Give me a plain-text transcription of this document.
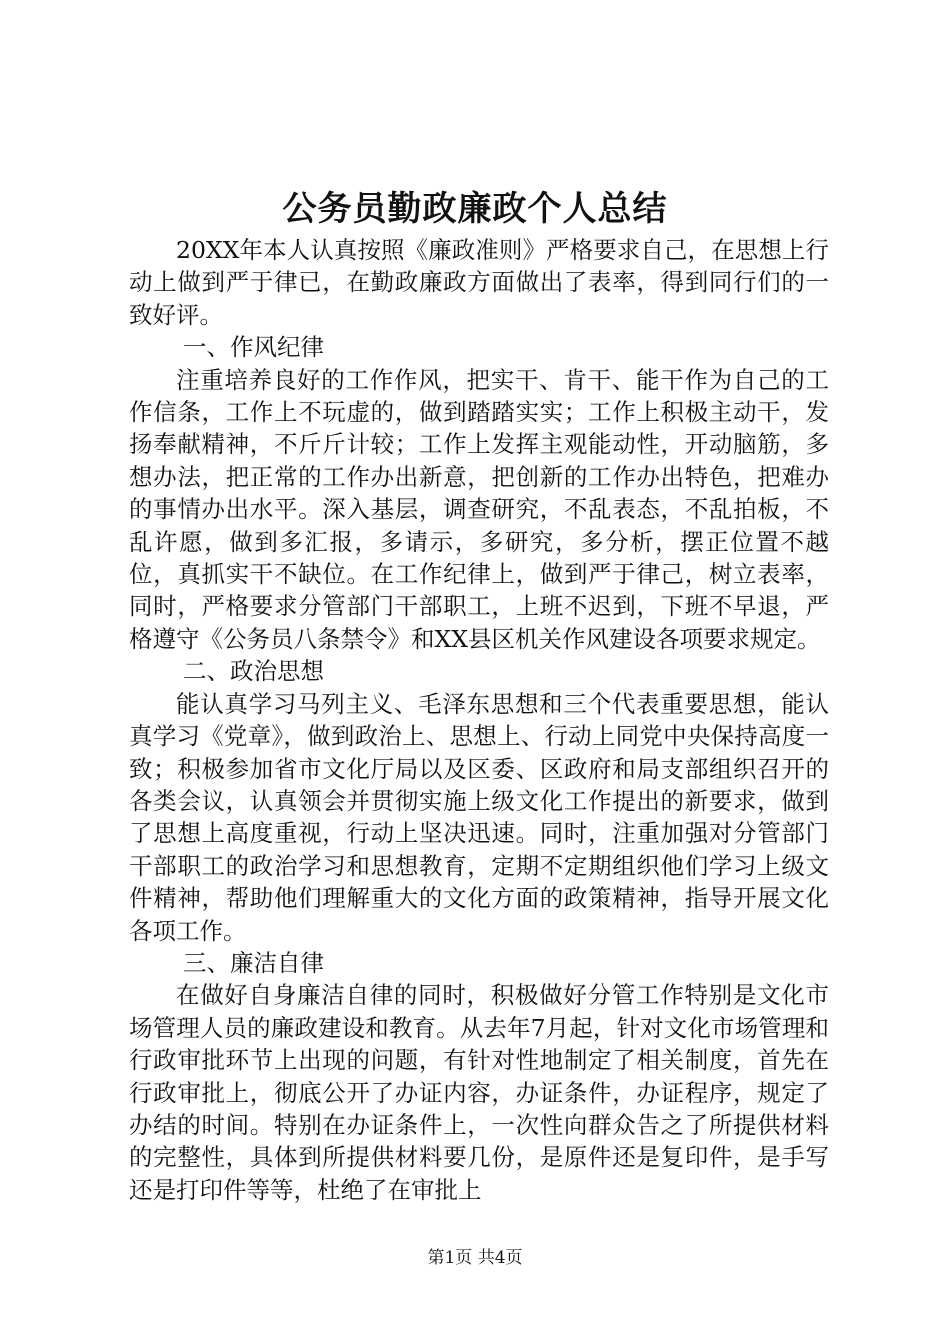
公务员勤政廉政个人总结

20XX年本人认真按照《廉政准则》严格要求自己，在思想上行动上做到严于律已，在勤政廉政方面做出了表率，得到同行们的一致好评。

一、作风纪律

注重培养良好的工作作风，把实干、肯干、能干作为自己的工作信条，工作上不玩虚的，做到踏踏实实；工作上积极主动干，发扬奉献精神，不斤斤计较；工作上发挥主观能动性，开动脑筋，多想办法，把正常的工作办出新意，把创新的工作办出特色，把难办的事情办出水平。深入基层，调查研究，不乱表态，不乱拍板，不乱许愿，做到多汇报，多请示，多研究，多分析，摆正位置不越位，真抓实干不缺位。在工作纪律上，做到严于律己，树立表率，同时，严格要求分管部门干部职工，上班不迟到，下班不早退，严格遵守《公务员八条禁令》和XX县区机关作风建设各项要求规定。

二、政治思想

能认真学习马列主义、毛泽东思想和三个代表重要思想，能认真学习《党章》，做到政治上、思想上、行动上同党中央保持高度一致；积极参加省市文化厅局以及区委、区政府和局支部组织召开的各类会议，认真领会并贯彻实施上级文化工作提出的新要求，做到了思想上高度重视，行动上坚决迅速。同时，注重加强对分管部门干部职工的政治学习和思想教育，定期不定期组织他们学习上级文件精神，帮助他们理解重大的文化方面的政策精神，指导开展文化各项工作。

三、廉洁自律

在做好自身廉洁自律的同时，积极做好分管工作特别是文化市场管理人员的廉政建设和教育。从去年7月起，针对文化市场管理和行政审批环节上出现的问题，有针对性地制定了相关制度，首先在行政审批上，彻底公开了办证内容，办证条件，办证程序，规定了办结的时间。特别在办证条件上，一次性向群众告之了所提供材料的完整性，具体到所提供材料要几份，是原件还是复印件，是手写还是打印件等等，杜绝了在审批上

第1页 共4页
